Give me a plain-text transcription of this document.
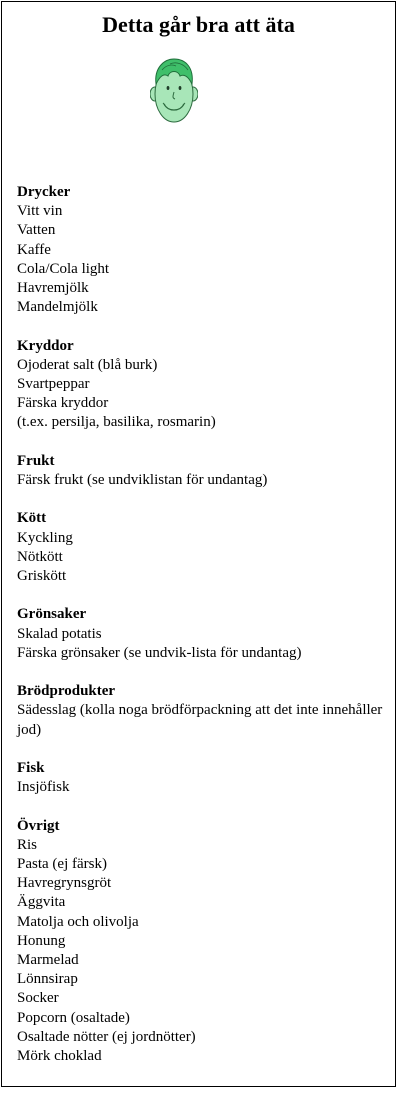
Detta går bra att äta
Drycker
Vitt vin
Vatten
Kaffe
Cola/Cola light
Havremjölk
Mandelmjölk
Kryddor
Ojoderat salt (blå burk)
Svartpeppar
Färska kryddor
(t.ex. persilja, basilika, rosmarin)
Frukt
Färsk frukt (se undviklistan för undantag)
Kött
Kyckling
Nötkött
Griskött
Grönsaker
Skalad potatis
Färska grönsaker (se undvik-lista för undantag)
Brödprodukter
Sädesslag (kolla noga brödförpackning att det inte innehåller jod)
Fisk
Insjöfisk
Övrigt
Ris
Pasta (ej färsk)
Havregrynsgröt
Äggvita
Matolja och olivolja
Honung
Marmelad
Lönnsirap
Socker
Popcorn (osaltade)
Osaltade nötter (ej jordnötter)
Mörk choklad
